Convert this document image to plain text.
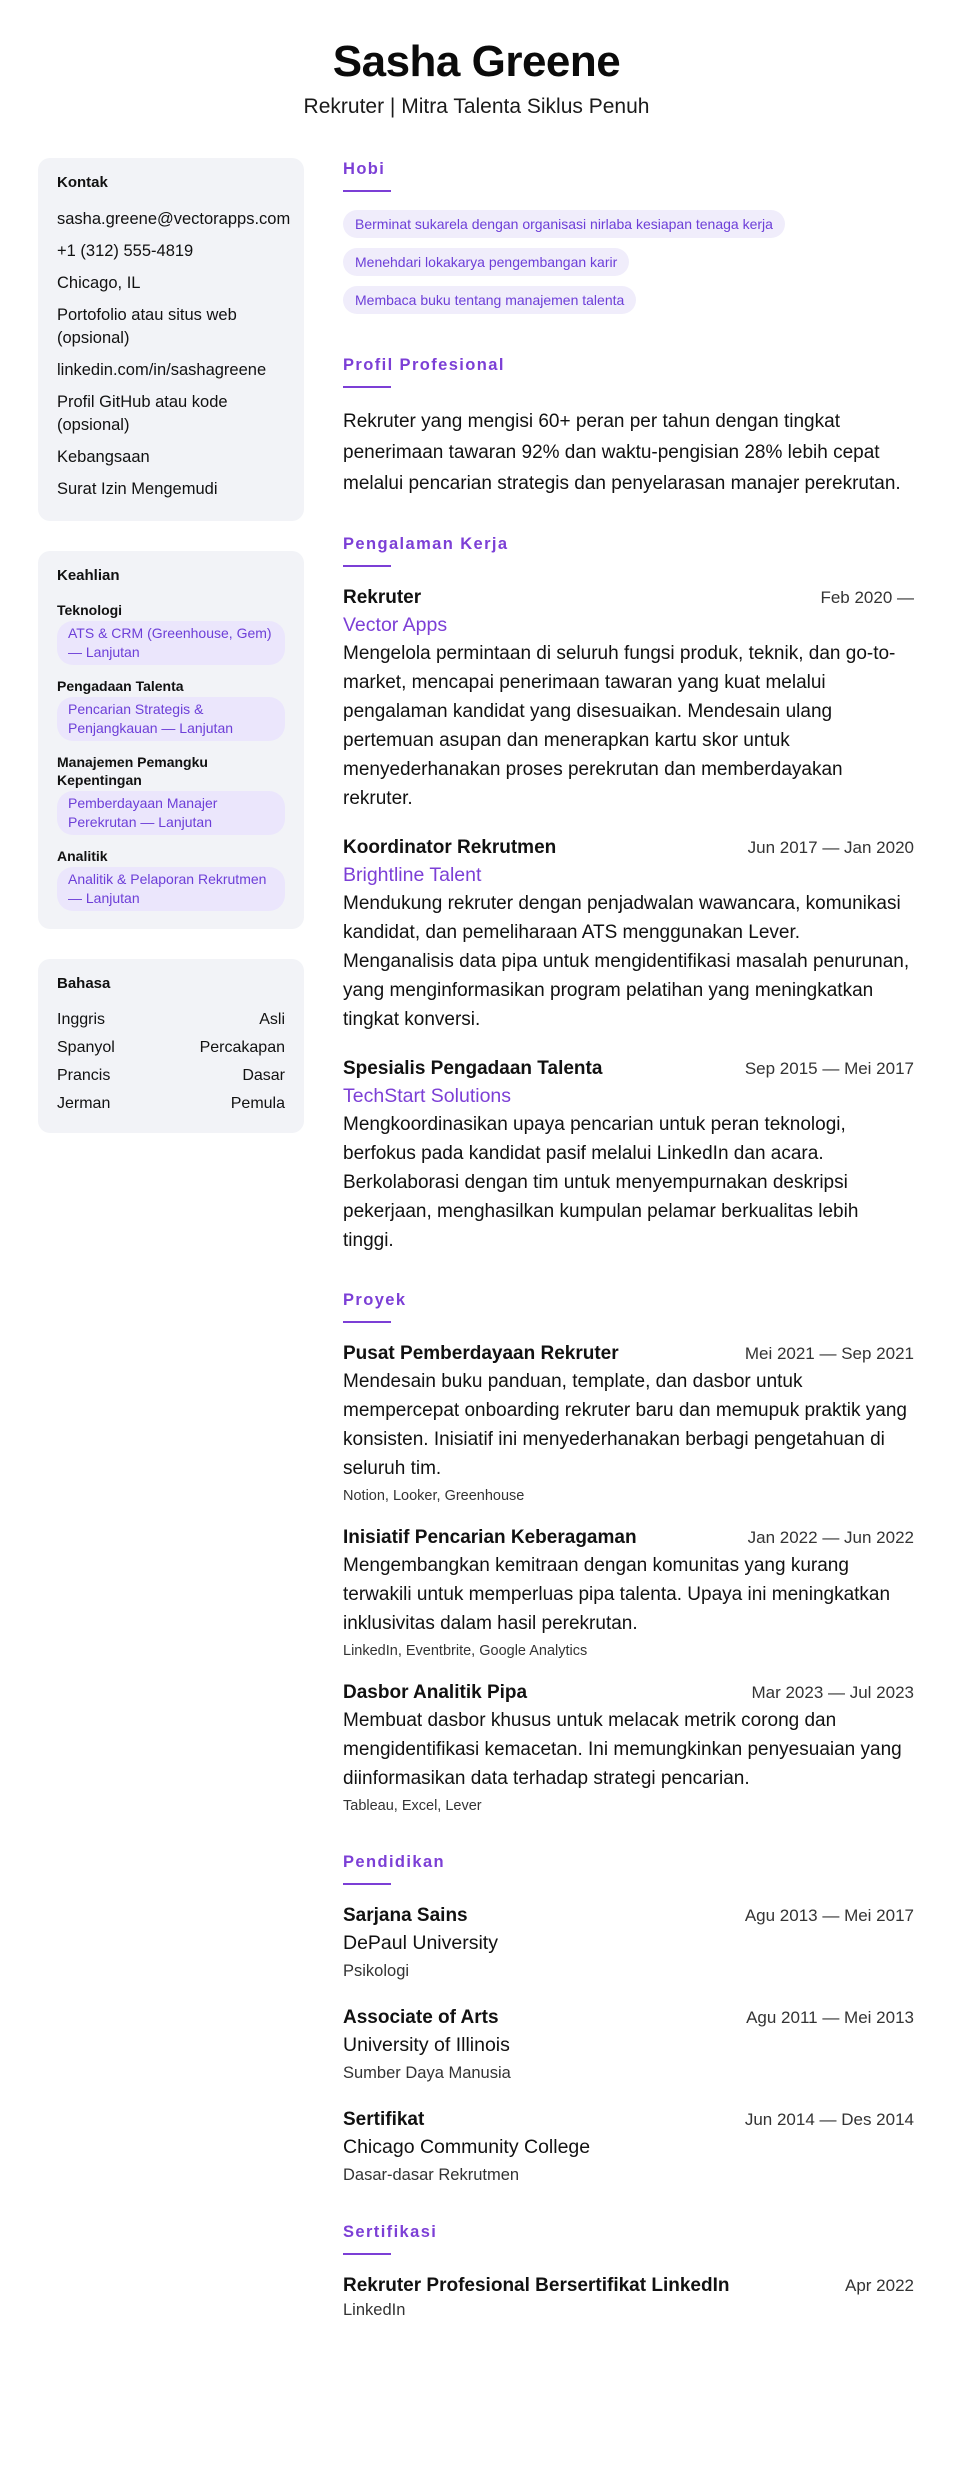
Sasha Greene
Rekruter | Mitra Talenta Siklus Penuh
Kontak
sasha.greene@vectorapps.com
+1 (312) 555-4819
Chicago, IL
Portofolio atau situs web (opsional)
linkedin.com/in/sashagreene
Profil GitHub atau kode (opsional)
Kebangsaan
Surat Izin Mengemudi
Keahlian
Teknologi
ATS & CRM (Greenhouse, Gem) — Lanjutan
Pengadaan Talenta
Pencarian Strategis & Penjangkauan — Lanjutan
Manajemen Pemangku Kepentingan
Pemberdayaan Manajer Perekrutan — Lanjutan
Analitik
Analitik & Pelaporan Rekrutmen — Lanjutan
Bahasa
Inggris	Asli
Spanyol	Percakapan
Prancis	Dasar
Jerman	Pemula
Hobi
Berminat sukarela dengan organisasi nirlaba kesiapan tenaga kerja
Menehdari lokakarya pengembangan karir
Membaca buku tentang manajemen talenta
Profil Profesional
Rekruter yang mengisi 60+ peran per tahun dengan tingkat penerimaan tawaran 92% dan waktu-pengisian 28% lebih cepat melalui pencarian strategis dan penyelarasan manajer perekrutan.
Pengalaman Kerja
Rekruter	Feb 2020 —
Vector Apps
Mengelola permintaan di seluruh fungsi produk, teknik, dan go-to-market, mencapai penerimaan tawaran yang kuat melalui pengalaman kandidat yang disesuaikan. Mendesain ulang pertemuan asupan dan menerapkan kartu skor untuk menyederhanakan proses perekrutan dan memberdayakan rekruter.
Koordinator Rekrutmen	Jun 2017 — Jan 2020
Brightline Talent
Mendukung rekruter dengan penjadwalan wawancara, komunikasi kandidat, dan pemeliharaan ATS menggunakan Lever. Menganalisis data pipa untuk mengidentifikasi masalah penurunan, yang menginformasikan program pelatihan yang meningkatkan tingkat konversi.
Spesialis Pengadaan Talenta	Sep 2015 — Mei 2017
TechStart Solutions
Mengkoordinasikan upaya pencarian untuk peran teknologi, berfokus pada kandidat pasif melalui LinkedIn dan acara. Berkolaborasi dengan tim untuk menyempurnakan deskripsi pekerjaan, menghasilkan kumpulan pelamar berkualitas lebih tinggi.
Proyek
Pusat Pemberdayaan Rekruter	Mei 2021 — Sep 2021
Mendesain buku panduan, template, dan dasbor untuk mempercepat onboarding rekruter baru dan memupuk praktik yang konsisten. Inisiatif ini menyederhanakan berbagi pengetahuan di seluruh tim.
Notion, Looker, Greenhouse
Inisiatif Pencarian Keberagaman	Jan 2022 — Jun 2022
Mengembangkan kemitraan dengan komunitas yang kurang terwakili untuk memperluas pipa talenta. Upaya ini meningkatkan inklusivitas dalam hasil perekrutan.
LinkedIn, Eventbrite, Google Analytics
Dasbor Analitik Pipa	Mar 2023 — Jul 2023
Membuat dasbor khusus untuk melacak metrik corong dan mengidentifikasi kemacetan. Ini memungkinkan penyesuaian yang diinformasikan data terhadap strategi pencarian.
Tableau, Excel, Lever
Pendidikan
Sarjana Sains	Agu 2013 — Mei 2017
DePaul University
Psikologi
Associate of Arts	Agu 2011 — Mei 2013
University of Illinois
Sumber Daya Manusia
Sertifikat	Jun 2014 — Des 2014
Chicago Community College
Dasar-dasar Rekrutmen
Sertifikasi
Rekruter Profesional Bersertifikat LinkedIn	Apr 2022
LinkedIn
